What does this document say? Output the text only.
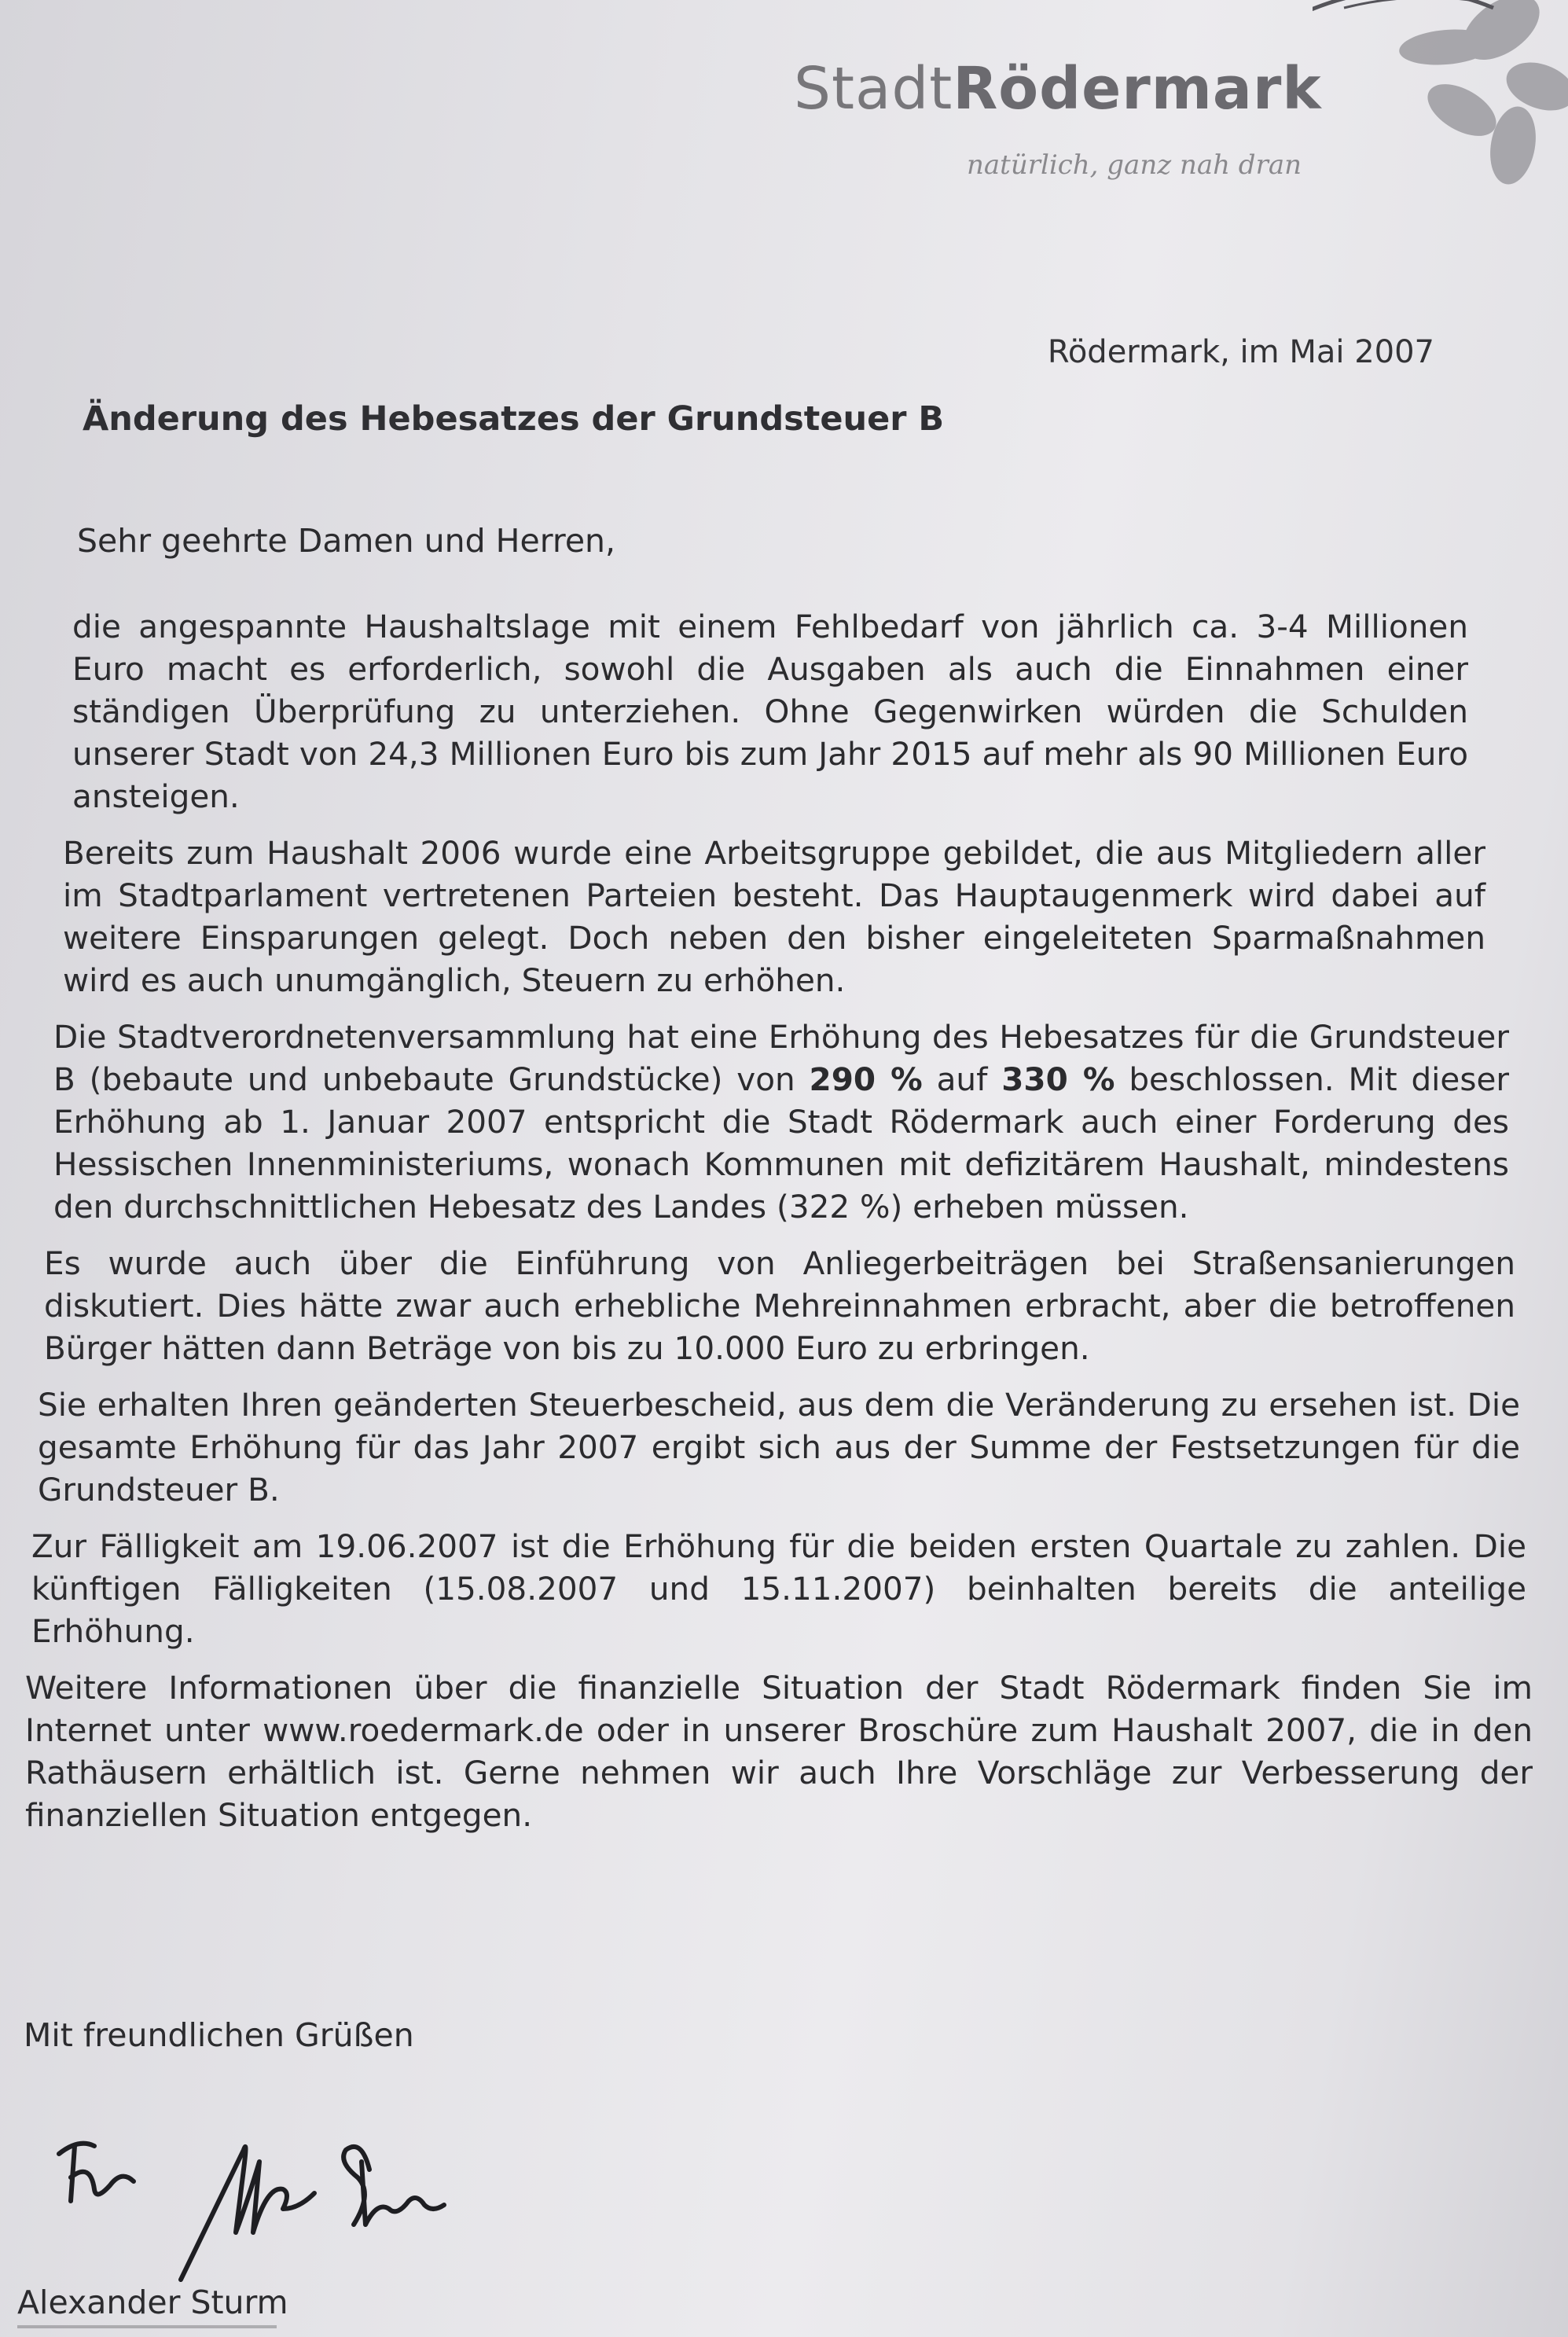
StadtRödermark
natürlich, ganz nah dran
Rödermark, im Mai 2007
Änderung des Hebesatzes der Grundsteuer B
Sehr geehrte Damen und Herren,

die angespannte Haushaltslage mit einem Fehlbedarf von jährlich ca. 3-4 Millionen Euro macht es erforderlich, sowohl die Ausgaben als auch die Einnahmen einer ständigen Überprüfung zu unterziehen. Ohne Gegenwirken würden die Schulden unserer Stadt von 24,3 Millionen Euro bis zum Jahr 2015 auf mehr als 90 Millionen Euro ansteigen.

Bereits zum Haushalt 2006 wurde eine Arbeitsgruppe gebildet, die aus Mitgliedern aller im Stadtparlament vertretenen Parteien besteht. Das Hauptaugenmerk wird dabei auf weitere Einsparungen gelegt. Doch neben den bisher eingeleiteten Sparmaßnahmen wird es auch unumgänglich, Steuern zu erhöhen.

Die Stadtverordnetenversammlung hat eine Erhöhung des Hebesatzes für die Grundsteuer B (bebaute und unbebaute Grundstücke) von 290 % auf 330 % beschlossen. Mit dieser Erhöhung ab 1. Januar 2007 entspricht die Stadt Rödermark auch einer Forderung des Hessischen Innenministeriums, wonach Kommunen mit defizitärem Haushalt, mindestens den durchschnittlichen Hebesatz des Landes (322 %) erheben müssen.

Es wurde auch über die Einführung von Anliegerbeiträgen bei Straßensanierungen diskutiert. Dies hätte zwar auch erhebliche Mehreinnahmen erbracht, aber die betroffenen Bürger hätten dann Beträge von bis zu 10.000 Euro zu erbringen.

Sie erhalten Ihren geänderten Steuerbescheid, aus dem die Veränderung zu ersehen ist. Die gesamte Erhöhung für das Jahr 2007 ergibt sich aus der Summe der Festsetzungen für die Grundsteuer B.

Zur Fälligkeit am 19.06.2007 ist die Erhöhung für die beiden ersten Quartale zu zahlen. Die künftigen Fälligkeiten (15.08.2007 und 15.11.2007) beinhalten bereits die anteilige Erhöhung.

Weitere Informationen über die finanzielle Situation der Stadt Rödermark finden Sie im Internet unter www.roedermark.de oder in unserer Broschüre zum Haushalt 2007, die in den Rathäusern erhältlich ist. Gerne nehmen wir auch Ihre Vorschläge zur Verbesserung der finanziellen Situation entgegen.

Mit freundlichen Grüßen
Alexander Sturm
